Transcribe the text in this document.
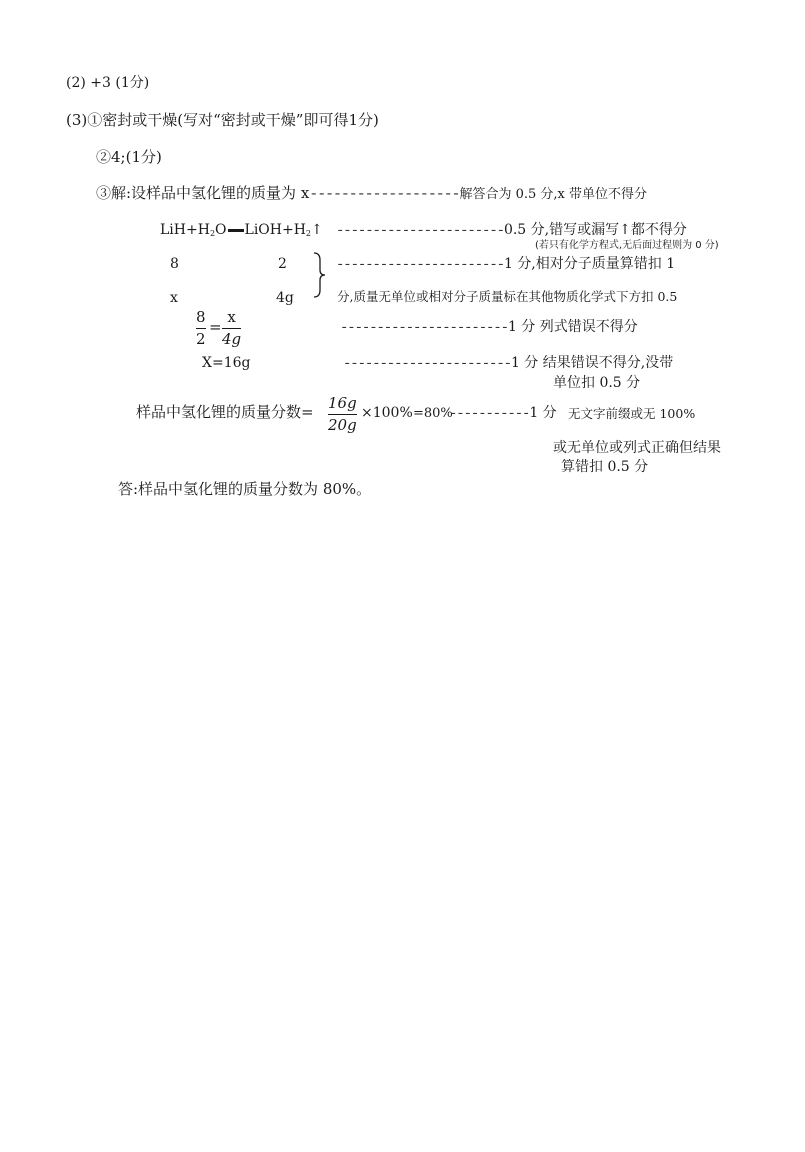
(2) +3 (1分)
(3)①密封或干燥(写对“密封或干燥”即可得1分)
②4;(1分)
③解:设样品中氢化锂的质量为 x-------------------解答合为 0.5 分,x 带单位不得分
$LiH+H_2O$ $LiOH+H_2↑$ -----------------------0.5 分,错写或漏写↑都不得分
(若只有化学方程式,无后面过程则为 0 分)
8	2
x	4g
-----------------------1 分,相对分子质量算错扣 1
分,质量无单位或相对分子质量标在其他物质化学式下方扣 0.5
8
2
=
x
4g
-----------------------1 分 列式错误不得分
X=16g	-----------------------1 分 结果错误不得分,没带
单位扣 0.5 分
样品中氢化锂的质量分数= 16g
20g
×100% =80%
-----------1 分 无文字前缀或无 100%
或无单位或列式正确但结果
算错扣 0.5 分
答:样品中氢化锂的质量分数为 80%。
